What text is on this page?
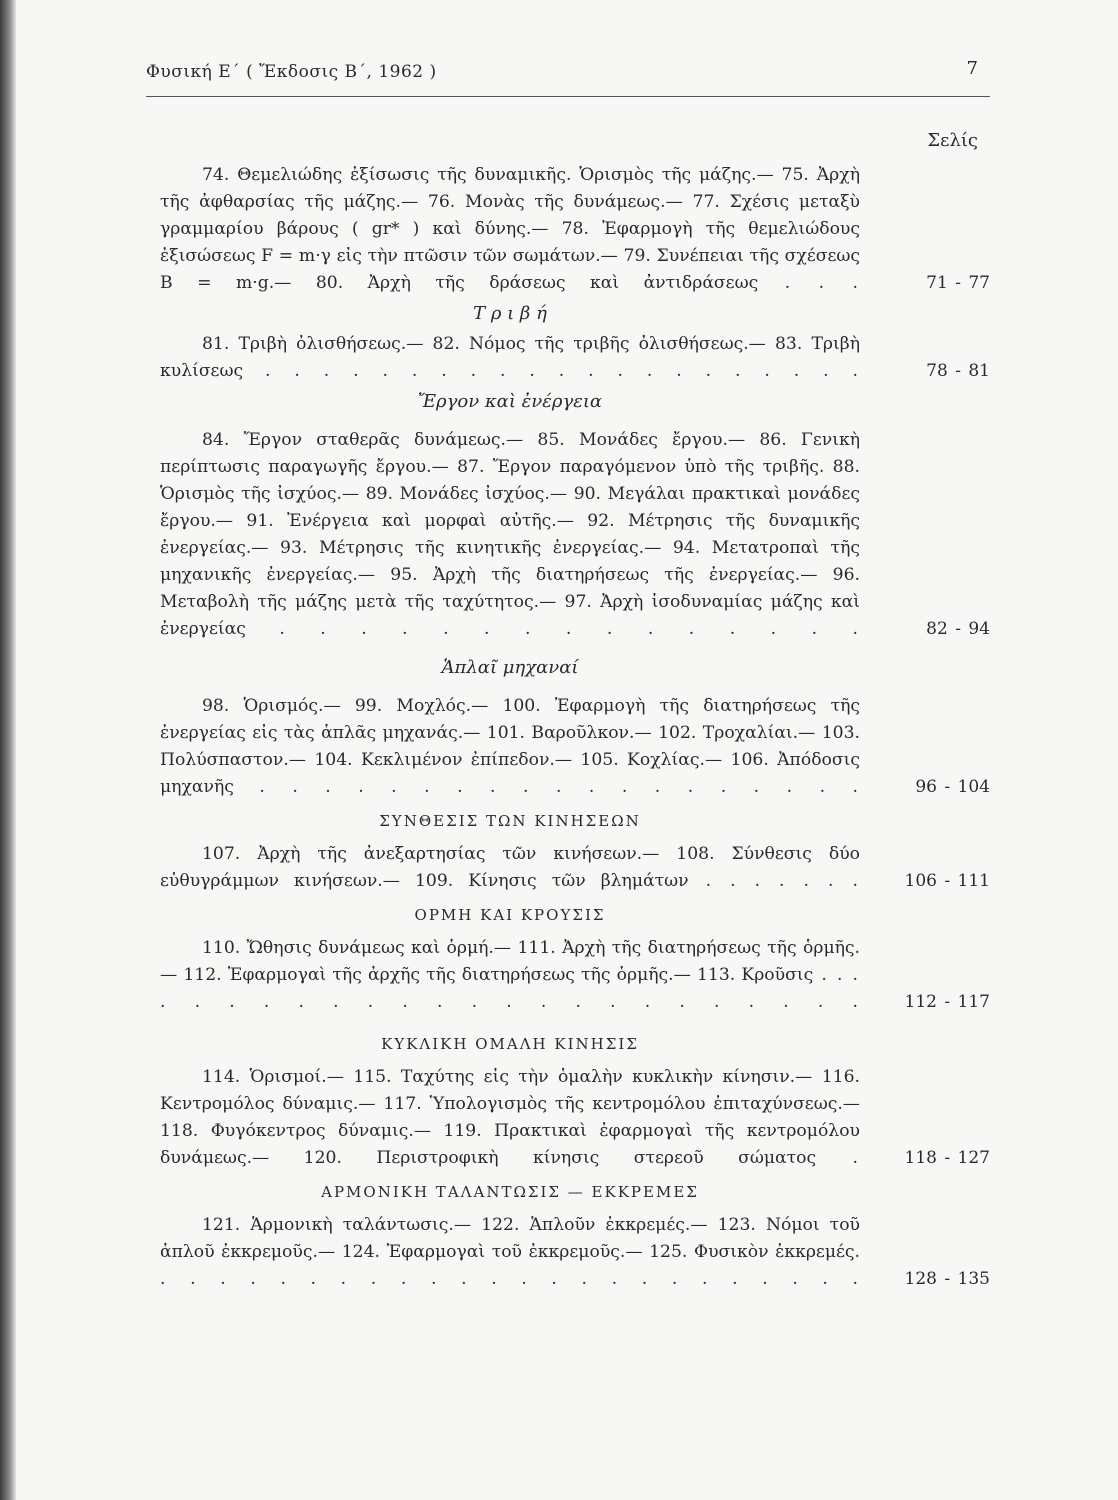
Φυσική Ε΄ ( Ἔκδοσις Β΄, 1962 )	7
Σελίς
74. Θεμελιώδης ἐξίσωσις τῆς δυναμικῆς. Ὁρισμὸς τῆς μάζης.— 75. Ἀρχὴ τῆς ἀφθαρσίας τῆς μάζης.— 76. Μονὰς τῆς δυνάμεως.— 77. Σχέσις μεταξὺ γραμμαρίου βάρους ( gr* ) καὶ δύνης.— 78. Ἐφαρμογὴ τῆς θεμελιώδους ἐξισώσεως F = m·γ εἰς τὴν πτῶσιν τῶν σωμάτων.— 79. Συνέπειαι τῆς σχέσεως B = m·g.— 80. Ἀρχὴ τῆς δράσεως καὶ ἀντιδράσεως . . .	71 - 77
Τ ρ ι β ή
81. Τριβὴ ὀλισθήσεως.— 82. Νόμος τῆς τριβῆς ὀλισθήσεως.— 83. Τριβὴ κυλίσεως . . . . . . . . . . . . . . . . . . . . .	78 - 81
Ἔργον καὶ ἐνέργεια
84. Ἔργον σταθερᾶς δυνάμεως.— 85. Μονάδες ἔργου.— 86. Γενικὴ περίπτωσις παραγωγῆς ἔργου.— 87. Ἔργον παραγόμενον ὑπὸ τῆς τριβῆς. 88. Ὁρισμὸς τῆς ἰσχύος.— 89. Μονάδες ἰσχύος.— 90. Μεγάλαι πρακτικαὶ μονάδες ἔργου.— 91. Ἐνέργεια καὶ μορφαὶ αὐτῆς.— 92. Μέτρησις τῆς δυναμικῆς ἐνεργείας.— 93. Μέτρησις τῆς κινητικῆς ἐνεργείας.— 94. Μετατροπαὶ τῆς μηχανικῆς ἐνεργείας.— 95. Ἀρχὴ τῆς διατηρήσεως τῆς ἐνεργείας.— 96. Μεταβολὴ τῆς μάζης μετὰ τῆς ταχύτητος.— 97. Ἀρχὴ ἰσοδυναμίας μάζης καὶ ἐνεργείας . . . . . . . . . . . . . . .	82 - 94
Ἁπλαῖ μηχαναί
98. Ὁρισμός.— 99. Μοχλός.— 100. Ἐφαρμογὴ τῆς διατηρήσεως τῆς ἐνεργείας εἰς τὰς ἁπλᾶς μηχανάς.— 101. Βαροῦλκον.— 102. Τροχαλίαι.— 103. Πολύσπαστον.— 104. Κεκλιμένον ἐπίπεδον.— 105. Κοχλίας.— 106. Ἀπόδοσις μηχανῆς . . . . . . . . . . . . . . . . . . .	96 - 104
ΣΥΝΘΕΣΙΣ ΤΩΝ ΚΙΝΗΣΕΩΝ
107. Ἀρχὴ τῆς ἀνεξαρτησίας τῶν κινήσεων.— 108. Σύνθεσις δύο εὐθυγράμμων κινήσεων.— 109. Κίνησις τῶν βλημάτων . . . . . . .	106 - 111
ΟΡΜΗ ΚΑΙ ΚΡΟΥΣΙΣ
110. Ὤθησις δυνάμεως καὶ ὁρμή.— 111. Ἀρχὴ τῆς διατηρήσεως τῆς ὁρμῆς.— 112. Ἐφαρμογαὶ τῆς ἀρχῆς τῆς διατηρήσεως τῆς ὁρμῆς.— 113. Κροῦσις . . . . . . . . . . . . . . . . . . . . . . . .	112 - 117
ΚΥΚΛΙΚΗ ΟΜΑΛΗ ΚΙΝΗΣΙΣ
114. Ὁρισμοί.— 115. Ταχύτης εἰς τὴν ὁμαλὴν κυκλικὴν κίνησιν.— 116. Κεντρομόλος δύναμις.— 117. Ὑπολογισμὸς τῆς κεντρομόλου ἐπιταχύνσεως.— 118. Φυγόκεντρος δύναμις.— 119. Πρακτικαὶ ἐφαρμογαὶ τῆς κεντρομόλου δυνάμεως.— 120. Περιστροφικὴ κίνησις στερεοῦ σώματος .	118 - 127
ΑΡΜΟΝΙΚΗ ΤΑΛΑΝΤΩΣΙΣ — ΕΚΚΡΕΜΕΣ
121. Ἁρμονικὴ ταλάντωσις.— 122. Ἁπλοῦν ἐκκρεμές.— 123. Νόμοι τοῦ ἁπλοῦ ἐκκρεμοῦς.— 124. Ἐφαρμογαὶ τοῦ ἐκκρεμοῦς.— 125. Φυσικὸν ἐκκρεμές. . . . . . . . . . . . . . . . . . . . . . . . .	128 - 135
